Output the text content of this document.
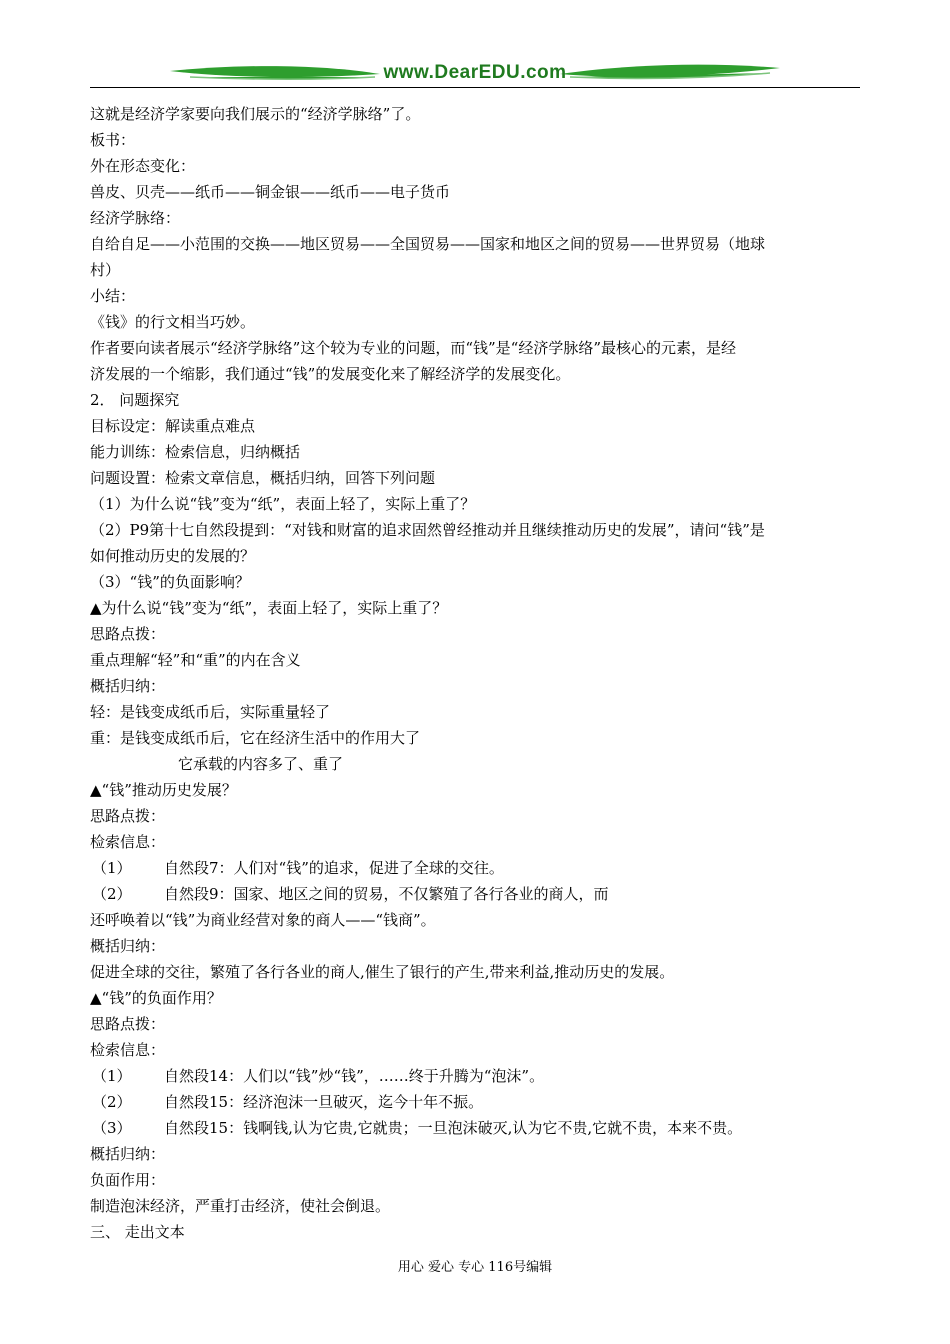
www.DearEDU.com
这就是经济学家要向我们展示的“经济学脉络”了。
板书：
外在形态变化：
兽皮、贝壳——纸币——铜金银——纸币——电子货币
经济学脉络：
自给自足——小范围的交换——地区贸易——全国贸易——国家和地区之间的贸易——世界贸易（地球
村）
小结：
《钱》的行文相当巧妙。
作者要向读者展示“经济学脉络”这个较为专业的问题，而“钱”是“经济学脉络”最核心的元素，是经
济发展的一个缩影，我们通过“钱”的发展变化来了解经济学的发展变化。
2． 问题探究
目标设定：解读重点难点
能力训练：检索信息，归纳概括
问题设置：检索文章信息，概括归纳，回答下列问题
（1）为什么说“钱”变为“纸”，表面上轻了，实际上重了？
（2）P9第十七自然段提到：“对钱和财富的追求固然曾经推动并且继续推动历史的发展”，请问“钱”是
如何推动历史的发展的？
（3）“钱”的负面影响？
▲为什么说“钱”变为“纸”，表面上轻了，实际上重了？
思路点拨：
重点理解“轻”和“重”的内在含义
概括归纳：
轻：是钱变成纸币后，实际重量轻了
重：是钱变成纸币后，它在经济生活中的作用大了
它承载的内容多了、重了
▲“钱”推动历史发展？
思路点拨：
检索信息：
（1）	自然段7：人们对“钱”的追求，促进了全球的交往。
（2）	自然段9：国家、地区之间的贸易，不仅繁殖了各行各业的商人，而
还呼唤着以“钱”为商业经营对象的商人——“钱商”。
概括归纳：
促进全球的交往，繁殖了各行各业的商人,催生了银行的产生,带来利益,推动历史的发展。
▲“钱”的负面作用？
思路点拨：
检索信息：
（1）	自然段14：人们以“钱”炒“钱”，……终于升腾为“泡沫”。
（2）	自然段15：经济泡沫一旦破灭，迄今十年不振。
（3）	自然段15：钱啊钱,认为它贵,它就贵；一旦泡沫破灭,认为它不贵,它就不贵，本来不贵。
概括归纳：
负面作用：
制造泡沫经济，严重打击经济，使社会倒退。
三、 走出文本
用心 爱心 专心 116号编辑
